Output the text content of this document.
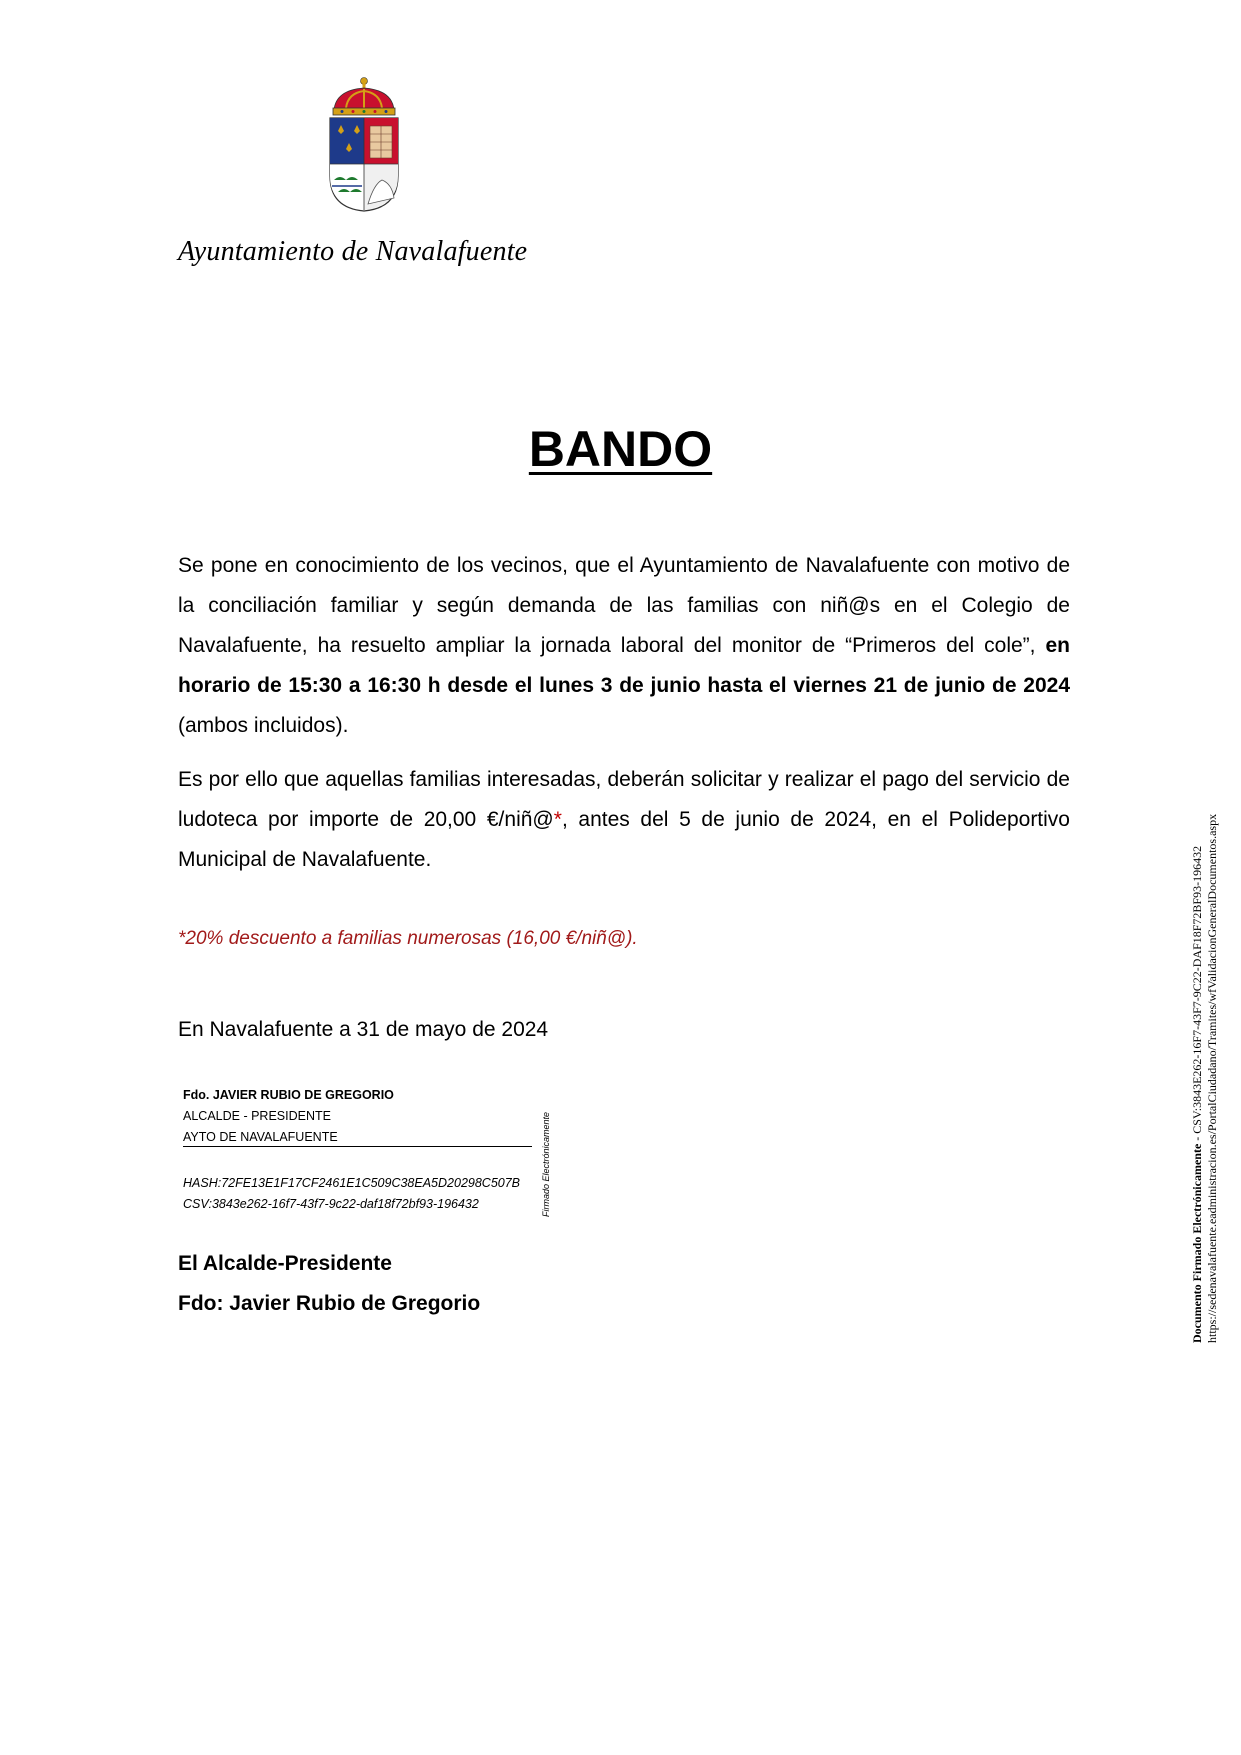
Ayuntamiento de Navalafuente
BANDO
Se pone en conocimiento de los vecinos, que el Ayuntamiento de Navalafuente con motivo de la conciliación familiar y según demanda de las familias con niñ@s en el Colegio de Navalafuente, ha resuelto ampliar la jornada laboral del monitor de “Primeros del cole”, en horario de 15:30 a 16:30 h desde el lunes 3 de junio hasta el viernes 21 de junio de 2024 (ambos incluidos).
Es por ello que aquellas familias interesadas, deberán solicitar y realizar el pago del servicio de ludoteca por importe de 20,00 €/niñ@*, antes del 5 de junio de 2024, en el Polideportivo Municipal de Navalafuente.
*20% descuento a familias numerosas (16,00 €/niñ@).
En Navalafuente a 31 de mayo de 2024
Fdo. JAVIER RUBIO DE GREGORIO
ALCALDE - PRESIDENTE
AYTO DE NAVALAFUENTE
HASH:72FE13E1F17CF2461E1C509C38EA5D20298C507B
CSV:3843e262-16f7-43f7-9c22-daf18f72bf93-196432	Firmado Electrónicamente
El Alcalde-Presidente
Fdo: Javier Rubio de Gregorio	Documento Firmado Electrónicamente - CSV:3843E262-16F7-43F7-9C22-DAF18F72BF93-196432 https://sedenavalafuente.eadministracion.es/PortalCiudadano/Tramites/wfValidacionGeneralDocumentos.aspx
